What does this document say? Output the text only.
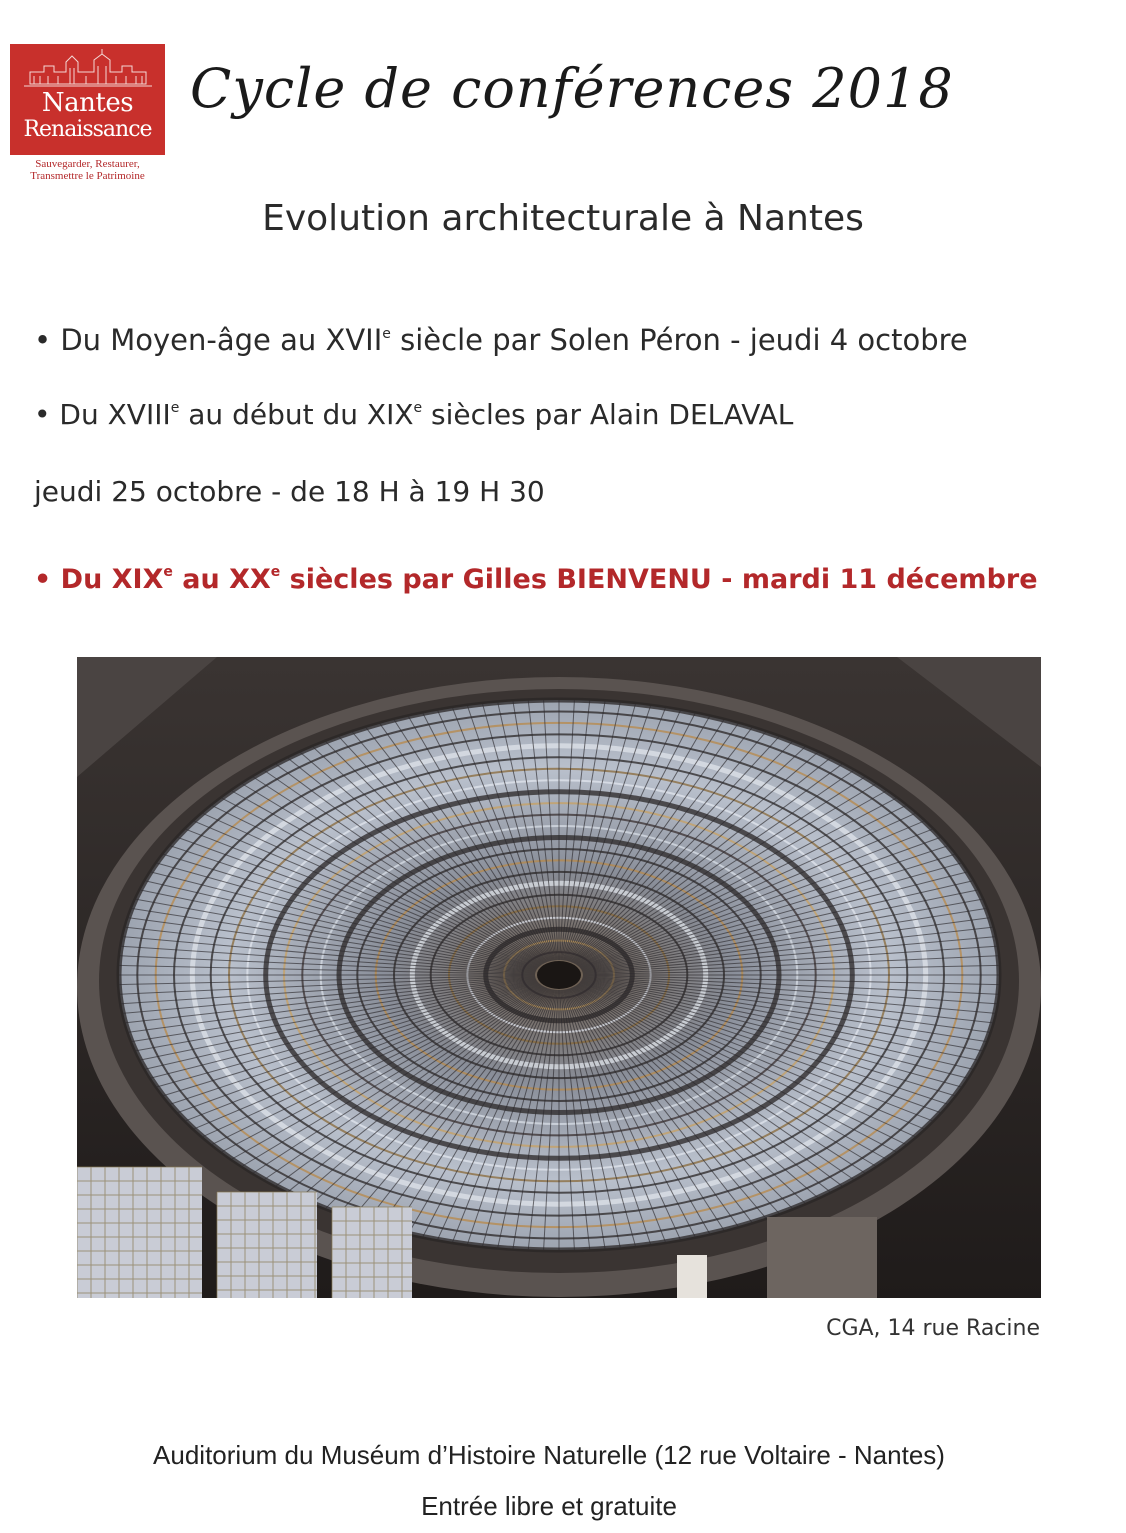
Nantes
Renaissance
Sauvegarder, Restaurer,
Transmettre le Patrimoine
Cycle de conférences 2018
Evolution architecturale à Nantes
• Du Moyen-âge au XVIIe siècle par Solen Péron - jeudi 4 octobre
• Du XVIIIe au début du XIXe siècles par Alain DELAVAL
jeudi 25 octobre - de 18 H à 19 H 30
• Du XIXe au XXe siècles par Gilles BIENVENU - mardi 11 décembre
CGA, 14 rue Racine
Auditorium du Muséum d’Histoire Naturelle (12 rue Voltaire - Nantes)
Entrée libre et gratuite
